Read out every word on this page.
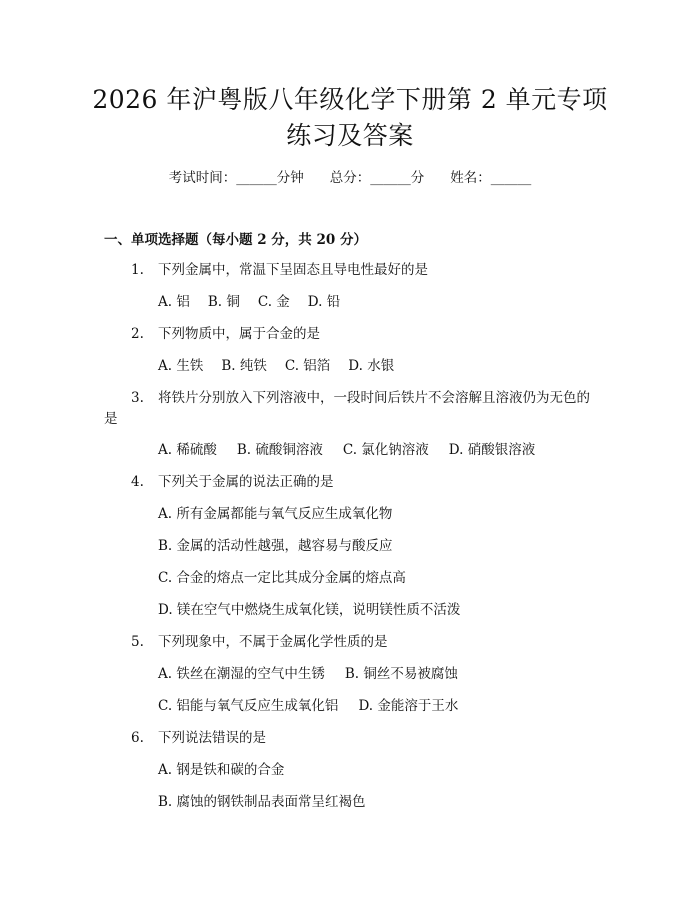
2026 年沪粤版八年级化学下册第 2 单元专项
练习及答案
考试时间：______分钟 总分：______分 姓名：______
一、单项选择题（每小题 2 分，共 20 分）
1. 下列金属中，常温下呈固态且导电性最好的是
A. 铝 B. 铜 C. 金 D. 铅
2. 下列物质中，属于合金的是
A. 生铁 B. 纯铁 C. 铝箔 D. 水银
3. 将铁片分别放入下列溶液中，一段时间后铁片不会溶解且溶液仍为无色的
是
A. 稀硫酸 B. 硫酸铜溶液 C. 氯化钠溶液 D. 硝酸银溶液
4. 下列关于金属的说法正确的是
A. 所有金属都能与氧气反应生成氧化物
B. 金属的活动性越强，越容易与酸反应
C. 合金的熔点一定比其成分金属的熔点高
D. 镁在空气中燃烧生成氧化镁，说明镁性质不活泼
5. 下列现象中，不属于金属化学性质的是
A. 铁丝在潮湿的空气中生锈 B. 铜丝不易被腐蚀
C. 铝能与氧气反应生成氧化铝 D. 金能溶于王水
6. 下列说法错误的是
A. 钢是铁和碳的合金
B. 腐蚀的钢铁制品表面常呈红褐色
